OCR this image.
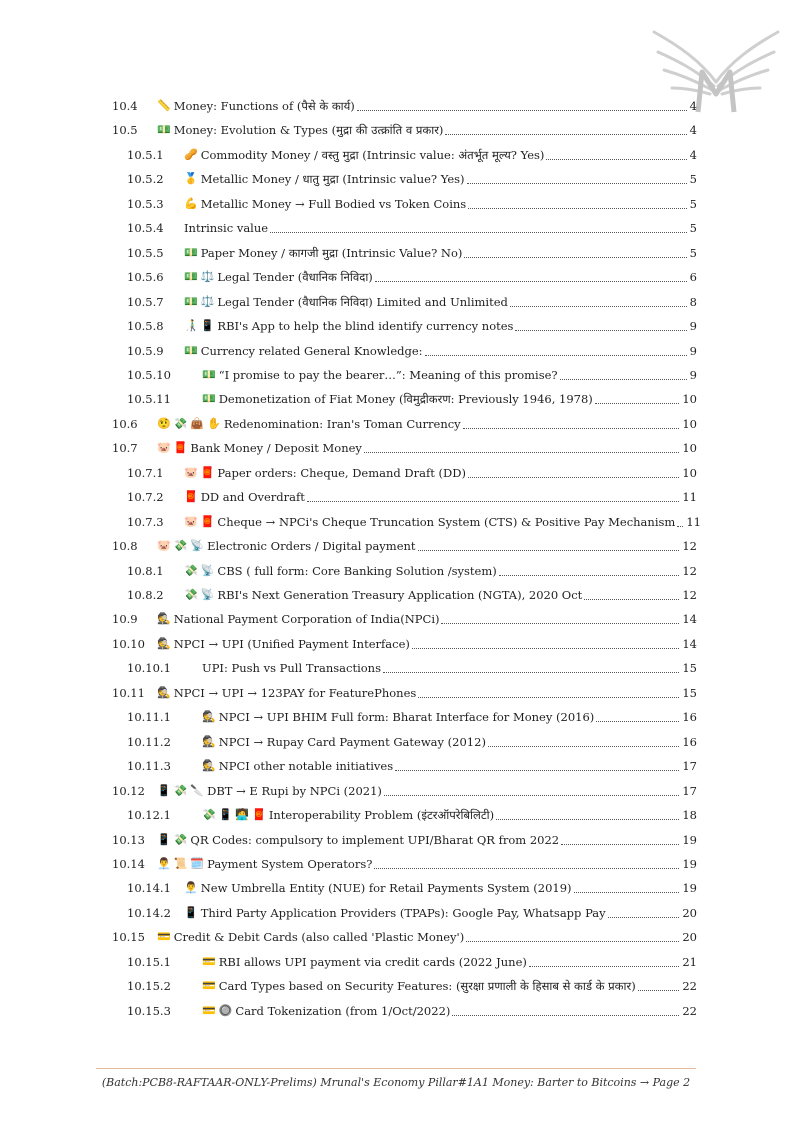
10.4 📏 Money: Functions of (पैसे के कार्य)	4
10.5 💵 Money: Evolution & Types (मुद्रा की उत्क्रांति व प्रकार)	4
10.5.1 🥜 Commodity Money / वस्तु मुद्रा (Intrinsic value: अंतर्भूत मूल्य? Yes)	4
10.5.2 🥇 Metallic Money / धातु मुद्रा (Intrinsic value? Yes)	5
10.5.3 💪 Metallic Money → Full Bodied vs Token Coins	5
10.5.4 Intrinsic value	5
10.5.5 💵 Paper Money / कागजी मुद्रा (Intrinsic Value? No)	5
10.5.6 💵 ⚖️ Legal Tender (वैधानिक निविदा)	6
10.5.7 💵 ⚖️ Legal Tender (वैधानिक निविदा) Limited and Unlimited	8
10.5.8 👨‍🦯 📱 RBI's App to help the blind identify currency notes	9
10.5.9 💵 Currency related General Knowledge:	9
10.5.10	💵 “I promise to pay the bearer…”: Meaning of this promise?	9
10.5.11	💵 Demonetization of Fiat Money (विमुद्रीकरण: Previously 1946, 1978)	10
10.6 🤨 💸 👜 ✋ Redenomination: Iran's Toman Currency	10
10.7 🐷 🧧 Bank Money / Deposit Money	10
10.7.1 🐷 🧧 Paper orders: Cheque, Demand Draft (DD)	10
10.7.2 🧧 DD and Overdraft	11
10.7.3 🐷 🧧 Cheque → NPCi's Cheque Truncation System (CTS) & Positive Pay Mechanism 11
10.8 🐷 💸 📡 Electronic Orders / Digital payment	12
10.8.1 💸 📡 CBS ( full form: Core Banking Solution /system)	12
10.8.2 💸 📡 RBI's Next Generation Treasury Application (NGTA), 2020 Oct	12
10.9 🕵️ National Payment Corporation of India(NPCi)	14
10.10 🕵️ NPCI → UPI (Unified Payment Interface)	14
10.10.1	UPI: Push vs Pull Transactions	15
10.11 🕵️ NPCI → UPI → 123PAY for FeaturePhones	15
10.11.1	🕵️ NPCI → UPI BHIM Full form: Bharat Interface for Money (2016)	16
10.11.2	🕵️ NPCI → Rupay Card Payment Gateway (2012)	16
10.11.3	🕵️ NPCI other notable initiatives	17
10.12 📱 💸 🔪 DBT → E Rupi by NPCi (2021)	17
10.12.1	💸 📱 🧑‍💻 🧧 Interoperability Problem (इंटरऑपरेबिलिटी)	18
10.13 📱 💸 QR Codes: compulsory to implement UPI/Bharat QR from 2022	19
10.14 👨‍💼 📜 🗓️ Payment System Operators?	19
10.14.1 👨‍💼 New Umbrella Entity (NUE) for Retail Payments System (2019)	19
10.14.2 📱 Third Party Application Providers (TPAPs): Google Pay, Whatsapp Pay	20
10.15 💳 Credit & Debit Cards (also called 'Plastic Money')	20
10.15.1	💳 RBI allows UPI payment via credit cards (2022 June)	21
10.15.2	💳 Card Types based on Security Features: (सुरक्षा प्रणाली के हिसाब से कार्ड के प्रकार)	22
10.15.3	💳 🔘 Card Tokenization (from 1/Oct/2022)	22
(Batch:PCB8-RAFTAAR-ONLY-Prelims) Mrunal's Economy Pillar#1A1 Money: Barter to Bitcoins → Page 2
